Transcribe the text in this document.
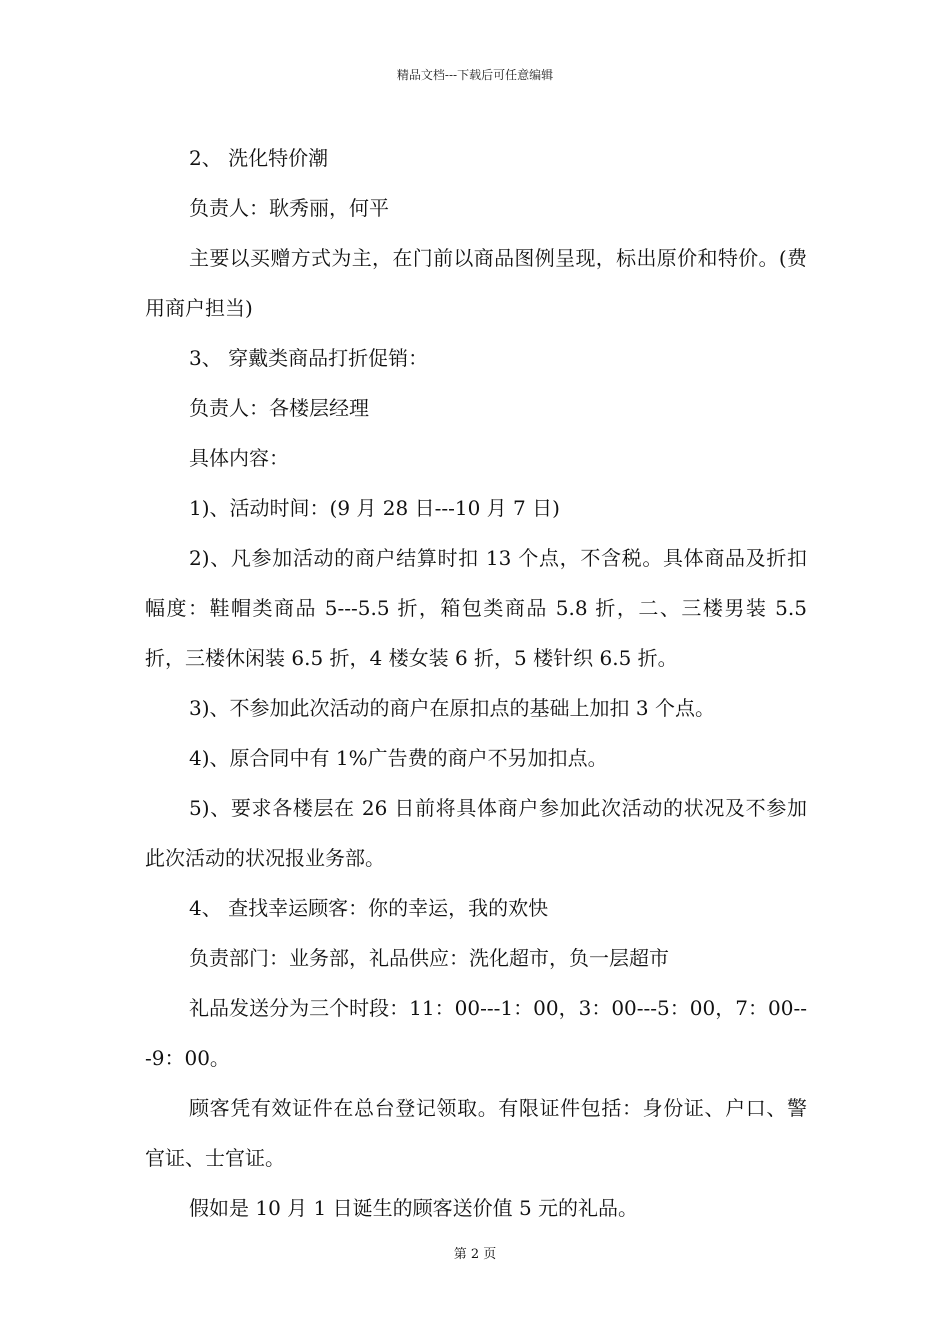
精品文档---下载后可任意编辑

2、 洗化特价潮

负责人：耿秀丽，何平

主要以买赠方式为主，在门前以商品图例呈现，标出原价和特价。(费用商户担当)

3、 穿戴类商品打折促销：

负责人：各楼层经理

具体内容：

1)、活动时间：(9 月 28 日---10 月 7 日)

2)、凡参加活动的商户结算时扣 13 个点，不含税。具体商品及折扣幅度：鞋帽类商品 5---5.5 折，箱包类商品 5.8 折，二、三楼男装 5.5 折，三楼休闲装 6.5 折，4 楼女装 6 折，5 楼针织 6.5 折。

3)、不参加此次活动的商户在原扣点的基础上加扣 3 个点。

4)、原合同中有 1%广告费的商户不另加扣点。

5)、要求各楼层在 26 日前将具体商户参加此次活动的状况及不参加此次活动的状况报业务部。

4、 查找幸运顾客：你的幸运，我的欢快

负责部门：业务部，礼品供应：洗化超市，负一层超市

礼品发送分为三个时段：11：00---1：00，3：00---5：00，7：00---9：00。

顾客凭有效证件在总台登记领取。有限证件包括：身份证、户口、警官证、士官证。

假如是 10 月 1 日诞生的顾客送价值 5 元的礼品。

第 2 页
